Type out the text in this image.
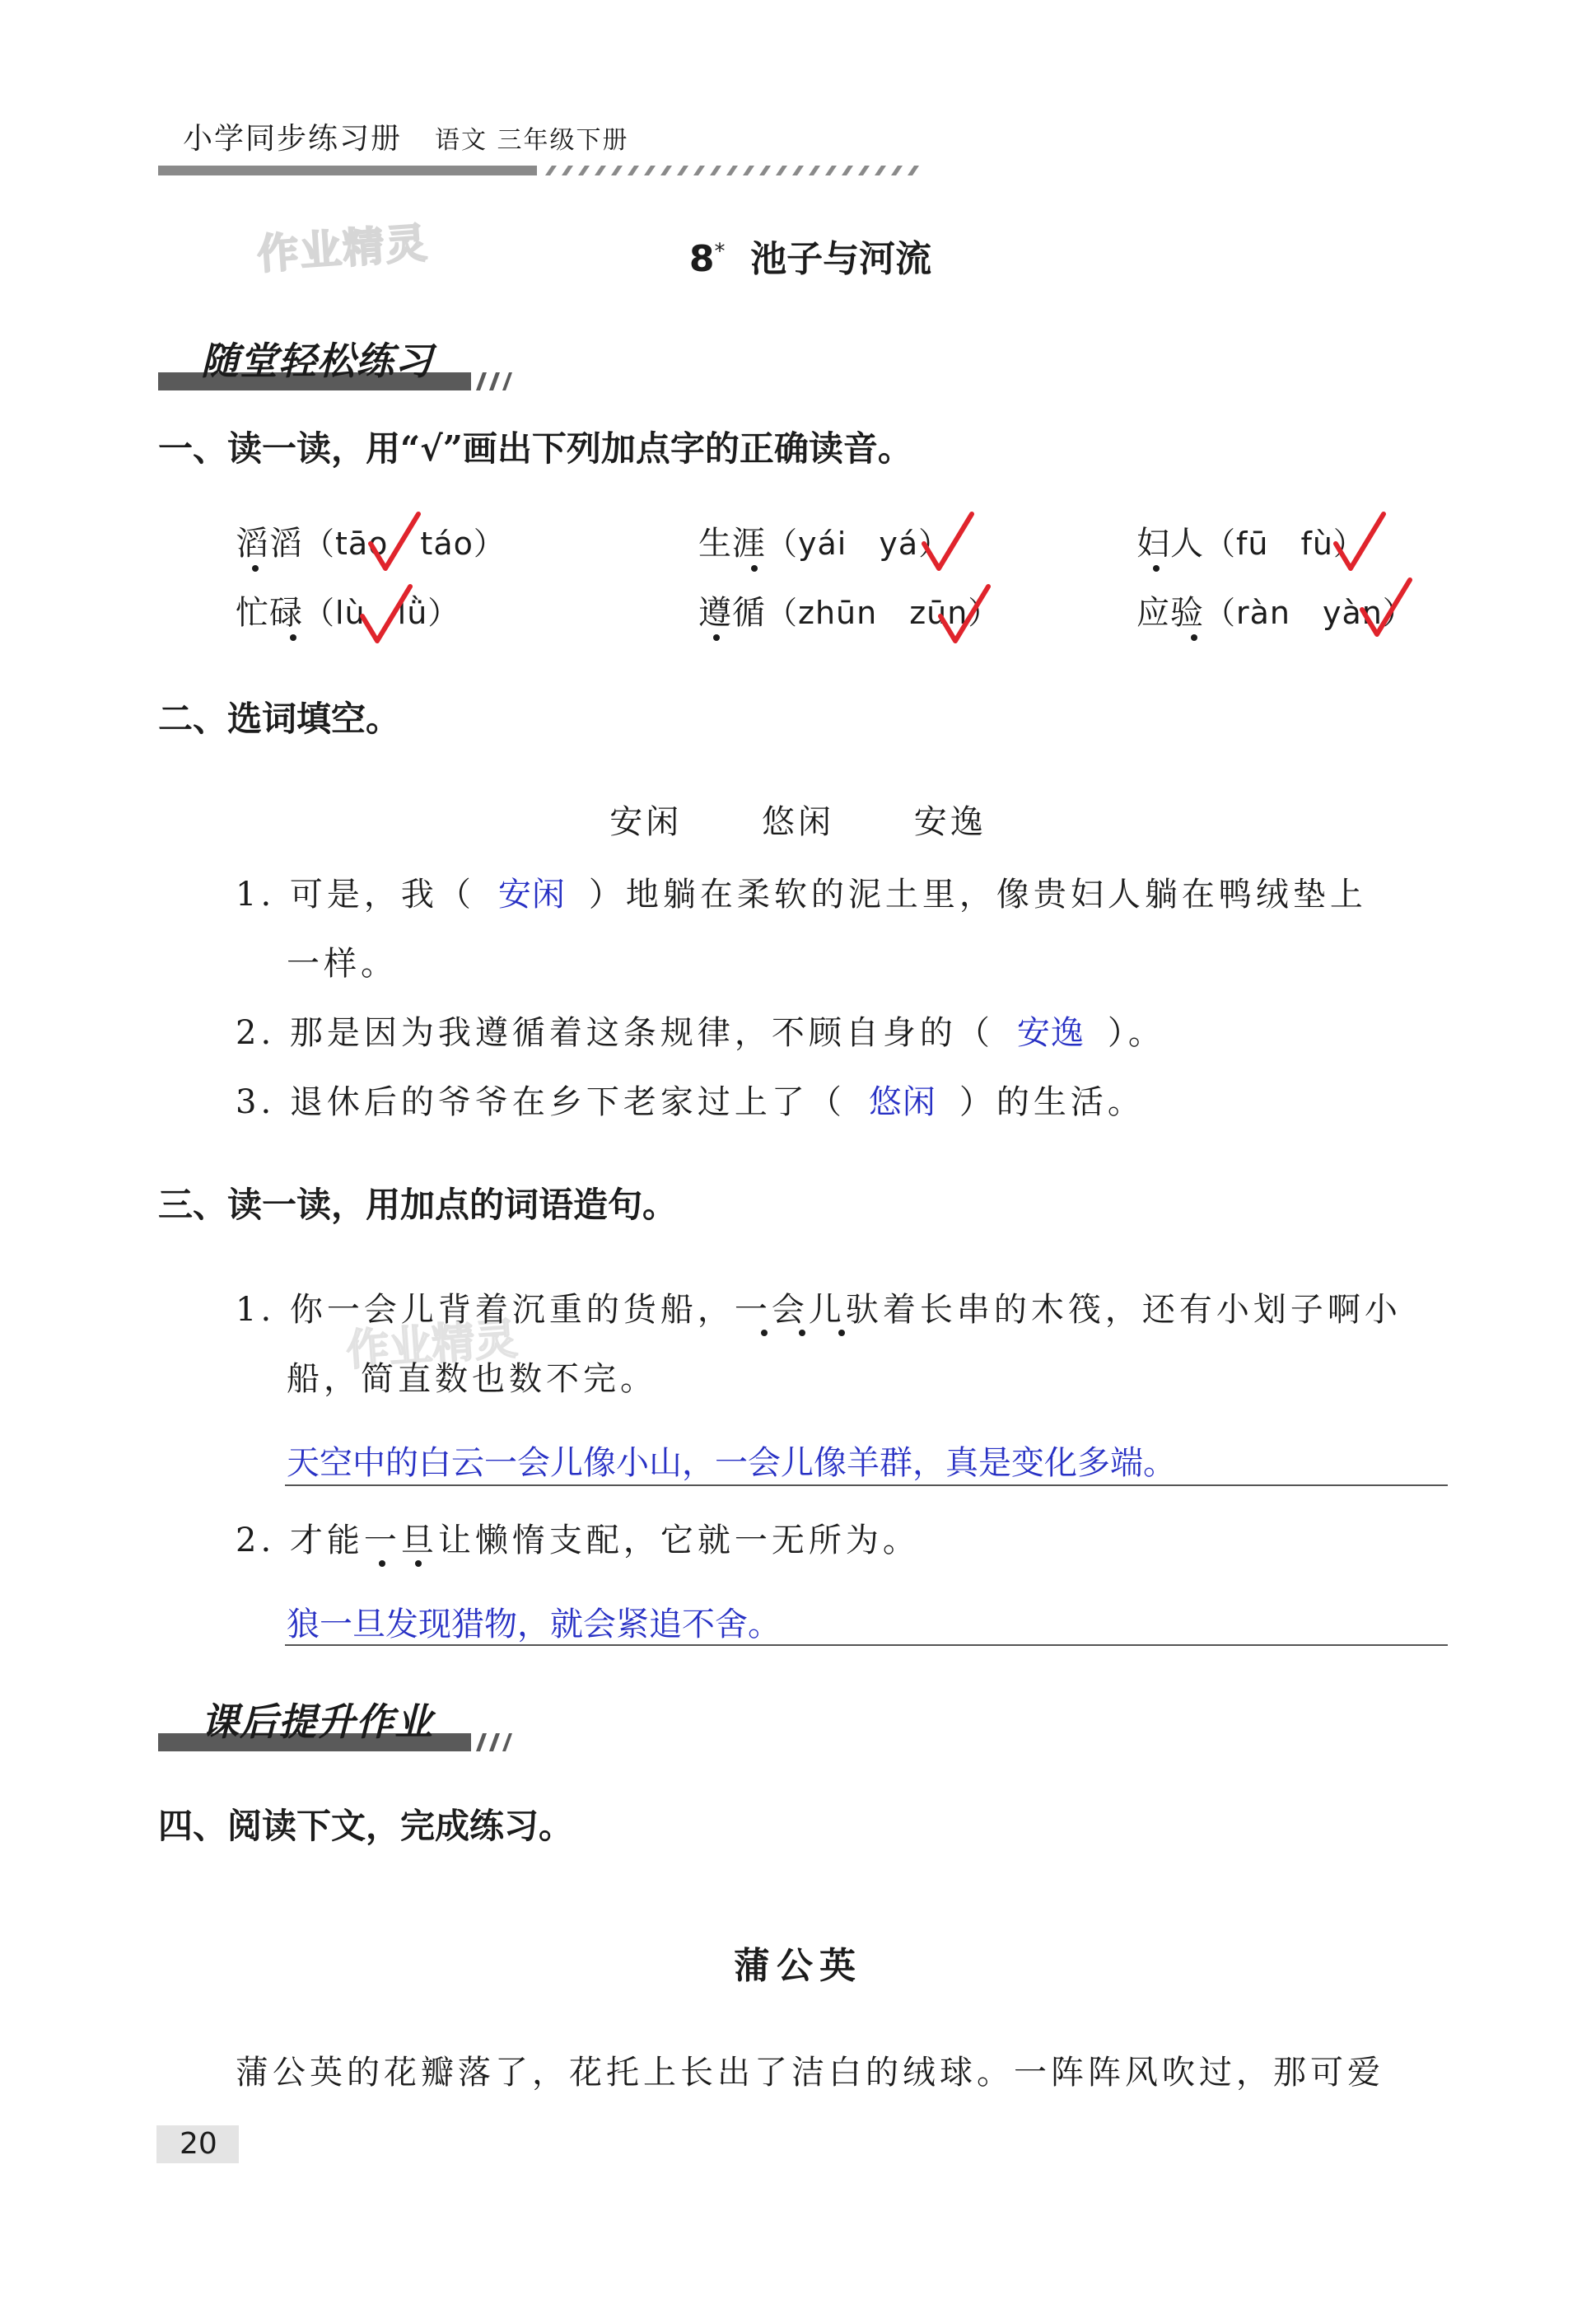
小学同步练习册 语文 三年级下册
作业精灵	8* 池子与河流
随堂轻松练习
一、读一读，用“√”画出下列加点字的正确读音。
滔滔（tāo　táo）	生涯（yái　yá）	妇人（fū　fù）
忙碌（lù　lǜ）	遵循（zhūn　zūn）	应验（ràn　yàn）
二、选词填空。
安闲 悠闲 安逸
1. 可是，我（ 安闲 ）地躺在柔软的泥土里，像贵妇人躺在鸭绒垫上
一样。
2. 那是因为我遵循着这条规律，不顾自身的（ 安逸 ）。
3. 退休后的爷爷在乡下老家过上了（ 悠闲 ）的生活。
三、读一读，用加点的词语造句。
作业精灵
1. 你一会儿背着沉重的货船，一会儿驮着长串的木筏，还有小划子啊小
船，简直数也数不完。
天空中的白云一会儿像小山，一会儿像羊群，真是变化多端。
2. 才能一旦让懒惰支配，它就一无所为。
狼一旦发现猎物，就会紧追不舍。
课后提升作业
四、阅读下文，完成练习。
蒲公英
蒲公英的花瓣落了，花托上长出了洁白的绒球。一阵阵风吹过，那可爱
20
